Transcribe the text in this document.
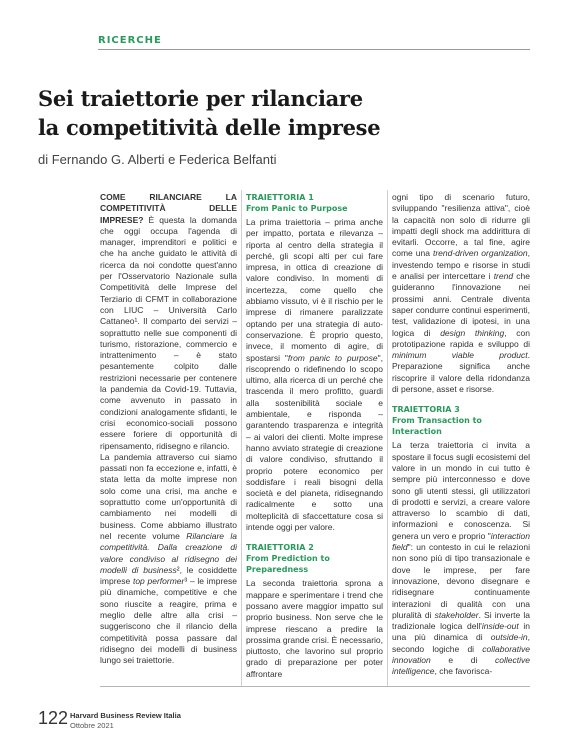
RICERCHE
Sei traiettorie per rilanciare
la competitività delle imprese
di Fernando G. Alberti e Federica Belfanti

COME RILANCIARE LA COMPETITIVITÀ DELLE IMPRESE? È questa la domanda che oggi occupa l'agenda di manager, imprenditori e politici e che ha anche guidato le attività di ricerca da noi condotte quest'anno per l'Osservatorio Nazionale sulla Competitività delle Imprese del Terziario di CFMT in collaborazione con LIUC – Università Carlo Cattaneo¹. Il comparto dei servizi – soprattutto nelle sue componenti di turismo, ristorazione, commercio e intrattenimento – è stato pesantemente colpito dalle restrizioni necessarie per contenere la pandemia da Covid-19. Tuttavia, come avvenuto in passato in condizioni analogamente sfidanti, le crisi economico-sociali possono essere foriere di opportunità di ripensamento, ridisegno e rilancio.

La pandemia attraverso cui siamo passati non fa eccezione e, infatti, è stata letta da molte imprese non solo come una crisi, ma anche e soprattutto come un'opportunità di cambiamento nei modelli di business. Come abbiamo illustrato nel recente volume Rilanciare la competitività. Dalla creazione di valore condiviso al ridisegno dei modelli di business², le cosiddette imprese top performer³ – le imprese più dinamiche, competitive e che sono riuscite a reagire, prima e meglio delle altre alla crisi – suggeriscono che il rilancio della competitività possa passare dal ridisegno dei modelli di business lungo sei traiettorie.

TRAIETTORIA 1
From Panic to Purpose

La prima traiettoria – prima anche per impatto, portata e rilevanza – riporta al centro della strategia il perché, gli scopi alti per cui fare impresa, in ottica di creazione di valore condiviso. In momenti di incertezza, come quello che abbiamo vissuto, vi è il rischio per le imprese di rimanere paralizzate optando per una strategia di auto-conservazione. È proprio questo, invece, il momento di agire, di spostarsi "from panic to purpose", riscoprendo o ridefinendo lo scopo ultimo, alla ricerca di un perché che trascenda il mero profitto, guardi alla sostenibilità sociale e ambientale, e risponda – garantendo trasparenza e integrità – ai valori dei clienti. Molte imprese hanno avviato strategie di creazione di valore condiviso, sfruttando il proprio potere economico per soddisfare i reali bisogni della società e del pianeta, ridisegnando radicalmente e sotto una molteplicità di sfaccettature cosa si intende oggi per valore.

TRAIETTORIA 2
From Prediction to Preparedness

La seconda traiettoria sprona a mappare e sperimentare i trend che possano avere maggior impatto sul proprio business. Non serve che le imprese riescano a predire la prossima grande crisi. È necessario, piuttosto, che lavorino sul proprio grado di preparazione per poter affrontare

ogni tipo di scenario futuro, sviluppando "resilienza attiva", cioè la capacità non solo di ridurre gli impatti degli shock ma addirittura di evitarli. Occorre, a tal fine, agire come una trend-driven organization, investendo tempo e risorse in studi e analisi per intercettare i trend che guideranno l'innovazione nei prossimi anni. Centrale diventa saper condurre continui esperimenti, test, validazione di ipotesi, in una logica di design thinking, con prototipazione rapida e sviluppo di minimum viable product. Preparazione significa anche riscoprire il valore della ridondanza di persone, asset e risorse.

TRAIETTORIA 3
From Transaction to Interaction

La terza traiettoria ci invita a spostare il focus sugli ecosistemi del valore in un mondo in cui tutto è sempre più interconnesso e dove sono gli utenti stessi, gli utilizzatori di prodotti e servizi, a creare valore attraverso lo scambio di dati, informazioni e conoscenza. Si genera un vero e proprio "interaction field": un contesto in cui le relazioni non sono più di tipo transazionale e dove le imprese, per fare innovazione, devono disegnare e ridisegnare continuamente interazioni di qualità con una pluralità di stakeholder. Si inverte la tradizionale logica dell'inside-out in una più dinamica di outside-in, secondo logiche di collaborative innovation e di collective intelligence, che favorisca-

122 Harvard Business Review Italia
Ottobre 2021
